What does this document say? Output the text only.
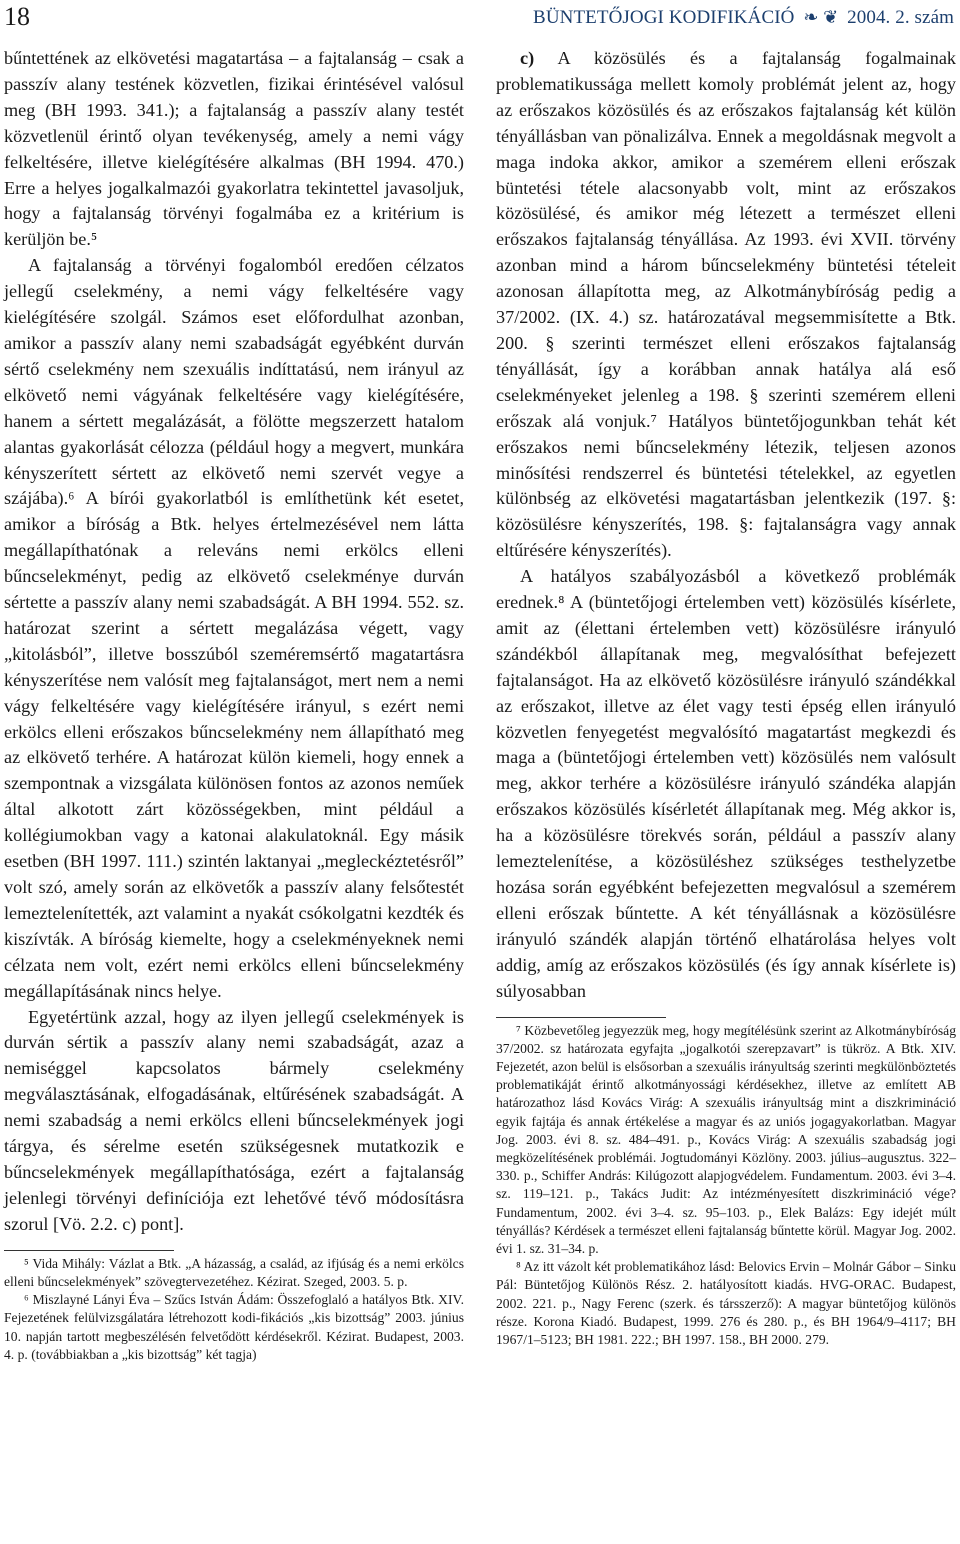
18	BÜNTETŐJOGI KODIFIKÁCIÓ ❧ ❦ 2004. 2. szám

bűntettének az elkövetési magatartása – a fajtalanság – csak a passzív alany testének közvetlen, fizikai érintésével valósul meg (BH 1993. 341.); a fajtalanság a passzív alany testét közvetlenül érintő olyan tevékenység, amely a nemi vágy felkeltésére, illetve kielégítésére alkalmas (BH 1994. 470.) Erre a helyes jogalkalmazói gyakorlatra tekintettel javasoljuk, hogy a fajtalanság törvényi fogalmába ez a kritérium is kerüljön be.⁵

A fajtalanság a törvényi fogalomból eredően célzatos jellegű cselekmény, a nemi vágy felkeltésére vagy kielégítésére szolgál. Számos eset előfordulhat azonban, amikor a passzív alany nemi szabadságát egyébként durván sértő cselekmény nem szexuális indíttatású, nem irányul az elkövető nemi vágyának felkeltésére vagy kielégítésére, hanem a sértett megalázását, a fölötte megszerzett hatalom alantas gyakorlását célozza (például hogy a megvert, munkára kényszerített sértett az elkövető nemi szervét vegye a szájába).⁶ A bírói gyakorlatból is említhetünk két esetet, amikor a bíróság a Btk. helyes értelmezésével nem látta megállapíthatónak a releváns nemi erkölcs elleni bűncselekményt, pedig az elkövető cselekménye durván sértette a passzív alany nemi szabadságát. A BH 1994. 552. sz. határozat szerint a sértett megalázása végett, vagy „kitolásból”, illetve bosszúból szeméremsértő magatartásra kényszerítése nem valósít meg fajtalanságot, mert nem a nemi vágy felkeltésére vagy kielégítésére irányul, s ezért nemi erkölcs elleni erőszakos bűncselekmény nem állapítható meg az elkövető terhére. A határozat külön kiemeli, hogy ennek a szempontnak a vizsgálata különösen fontos az azonos neműek által alkotott zárt közösségekben, mint például a kollégiumokban vagy a katonai alakulatoknál. Egy másik esetben (BH 1997. 111.) szintén laktanyai „megleckéztetésről” volt szó, amely során az elkövetők a passzív alany felsőtestét lemeztelenítették, azt valamint a nyakát csókolgatni kezdték és kiszívták. A bíróság kiemelte, hogy a cselekményeknek nemi célzata nem volt, ezért nemi erkölcs elleni bűncselekmény megállapításának nincs helye.

Egyetértünk azzal, hogy az ilyen jellegű cselekmények is durván sértik a passzív alany nemi szabadságát, azaz a nemiséggel kapcsolatos bármely cselekmény megválasztásának, elfogadásának, eltűrésének szabadságát. A nemi szabadság a nemi erkölcs elleni bűncselekmények jogi tárgya, és sérelme esetén szükségesnek mutatkozik e bűncselekmények megállapíthatósága, ezért a fajtalanság jelenlegi törvényi definíciója ezt lehetővé tévő módosításra szorul [Vö. 2.2. c) pont].

⁵ Vida Mihály: Vázlat a Btk. „A házasság, a család, az ifjúság és a nemi erkölcs elleni bűncselekmények” szövegtervezetéhez. Kézirat. Szeged, 2003. 5. p.

⁶ Miszlayné Lányi Éva – Szűcs István Ádám: Összefoglaló a hatályos Btk. XIV. Fejezetének felülvizsgálatára létrehozott kodi-fikációs „kis bizottság” 2003. június 10. napján tartott megbeszélésén felvetődött kérdésekről. Kézirat. Budapest, 2003. 4. p. (továbbiakban a „kis bizottság” két tagja)

c) A közösülés és a fajtalanság fogalmainak problematikussága mellett komoly problémát jelent az, hogy az erőszakos közösülés és az erőszakos fajtalanság két külön tényállásban van pönalizálva. Ennek a megoldásnak megvolt a maga indoka akkor, amikor a szemérem elleni erőszak büntetési tétele alacsonyabb volt, mint az erőszakos közösülésé, és amikor még létezett a természet elleni erőszakos fajtalanság tényállása. Az 1993. évi XVII. törvény azonban mind a három bűncselekmény büntetési tételeit azonosan állapította meg, az Alkotmánybíróság pedig a 37/2002. (IX. 4.) sz. határozatával megsemmisítette a Btk. 200. § szerinti természet elleni erőszakos fajtalanság tényállását, így a korábban annak hatálya alá eső cselekményeket jelenleg a 198. § szerinti szemérem elleni erőszak alá vonjuk.⁷ Hatályos büntetőjogunkban tehát két erőszakos nemi bűncselekmény létezik, teljesen azonos minősítési rendszerrel és büntetési tételekkel, az egyetlen különbség az elkövetési magatartásban jelentkezik (197. §: közösülésre kényszerítés, 198. §: fajtalanságra vagy annak eltűrésére kényszerítés).

A hatályos szabályozásból a következő problémák erednek.⁸ A (büntetőjogi értelemben vett) közösülés kísérlete, amit az (élettani értelemben vett) közösülésre irányuló szándékból állapítanak meg, megvalósíthat befejezett fajtalanságot. Ha az elkövető közösülésre irányuló szándékkal az erőszakot, illetve az élet vagy testi épség ellen irányuló közvetlen fenyegetést megvalósító magatartást megkezdi és maga a (büntetőjogi értelemben vett) közösülés nem valósult meg, akkor terhére a közösülésre irányuló szándéka alapján erőszakos közösülés kísérletét állapítanak meg. Még akkor is, ha a közösülésre törekvés során, például a passzív alany lemeztelenítése, a közösüléshez szükséges testhelyzetbe hozása során egyébként befejezetten megvalósul a szemérem elleni erőszak bűntette. A két tényállásnak a közösülésre irányuló szándék alapján történő elhatárolása helyes volt addig, amíg az erőszakos közösülés (és így annak kísérlete is) súlyosabban

⁷ Közbevetőleg jegyezzük meg, hogy megítélésünk szerint az Alkotmánybíróság 37/2002. sz határozata egyfajta „jogalkotói szerepzavart” is tükröz. A Btk. XIV. Fejezetét, azon belül is elsősorban a szexuális irányultság szerinti megkülönböztetés problematikáját érintő alkotmányossági kérdésekhez, illetve az említett AB határozathoz lásd Kovács Virág: A szexuális irányultság mint a diszkrimináció egyik fajtája és annak értékelése a magyar és az uniós jogagyakorlatban. Magyar Jog. 2003. évi 8. sz. 484–491. p., Kovács Virág: A szexuális szabadság jogi megközelítésének problémái. Jogtudományi Közlöny. 2003. július–augusztus. 322–330. p., Schiffer András: Kilúgozott alapjogvédelem. Fundamentum. 2003. évi 3–4. sz. 119–121. p., Takács Judit: Az intézményesített diszkrimináció vége? Fundamentum, 2002. évi 3–4. sz. 95–103. p., Elek Balázs: Egy idejét múlt tényállás? Kérdések a természet elleni fajtalanság bűntette körül. Magyar Jog. 2002. évi 1. sz. 31–34. p.

⁸ Az itt vázolt két problematikához lásd: Belovics Ervin – Molnár Gábor – Sinku Pál: Büntetőjog Különös Rész. 2. hatályosított kiadás. HVG-ORAC. Budapest, 2002. 221. p., Nagy Ferenc (szerk. és társszerző): A magyar büntetőjog különös része. Korona Kiadó. Budapest, 1999. 276 és 280. p., és BH 1964/9–4117; BH 1967/1–5123; BH 1981. 222.; BH 1997. 158., BH 2000. 279.
